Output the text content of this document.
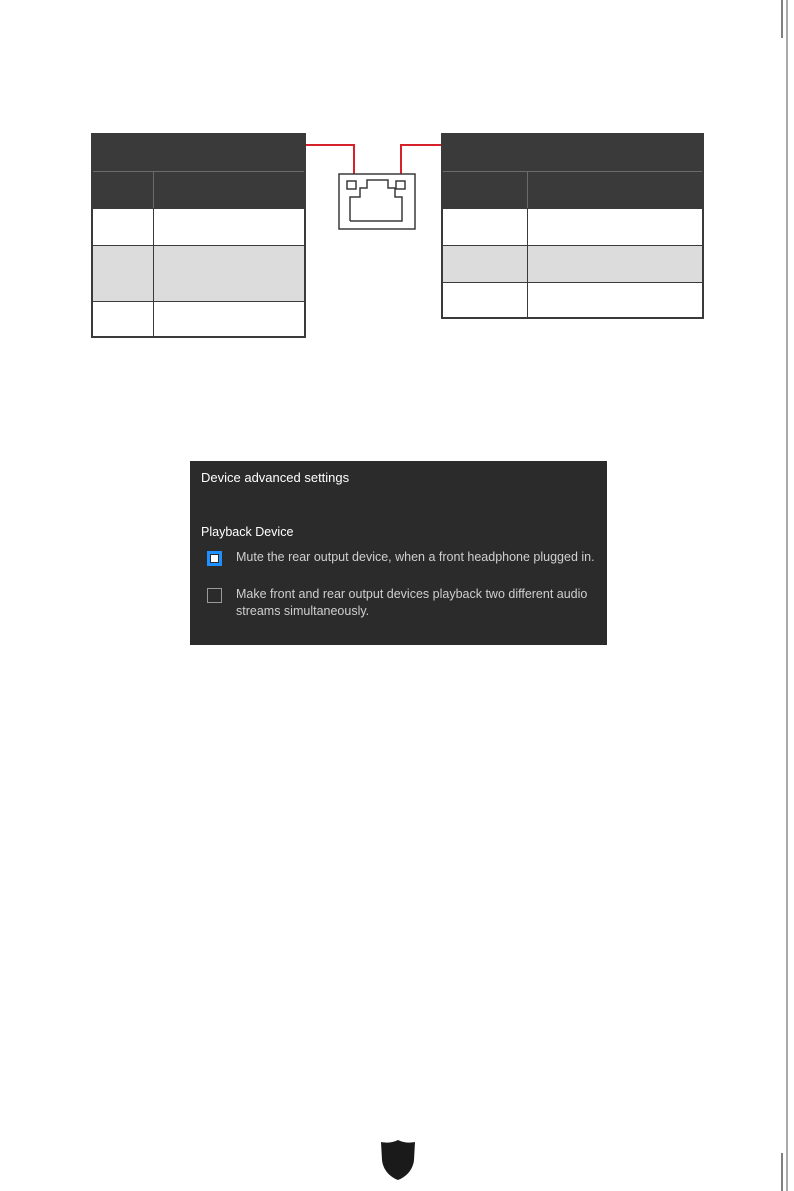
Device advanced settings
Playback Device
Mute the rear output device, when a front headphone plugged in.
Make front and rear output devices playback two different audio streams simultaneously.
